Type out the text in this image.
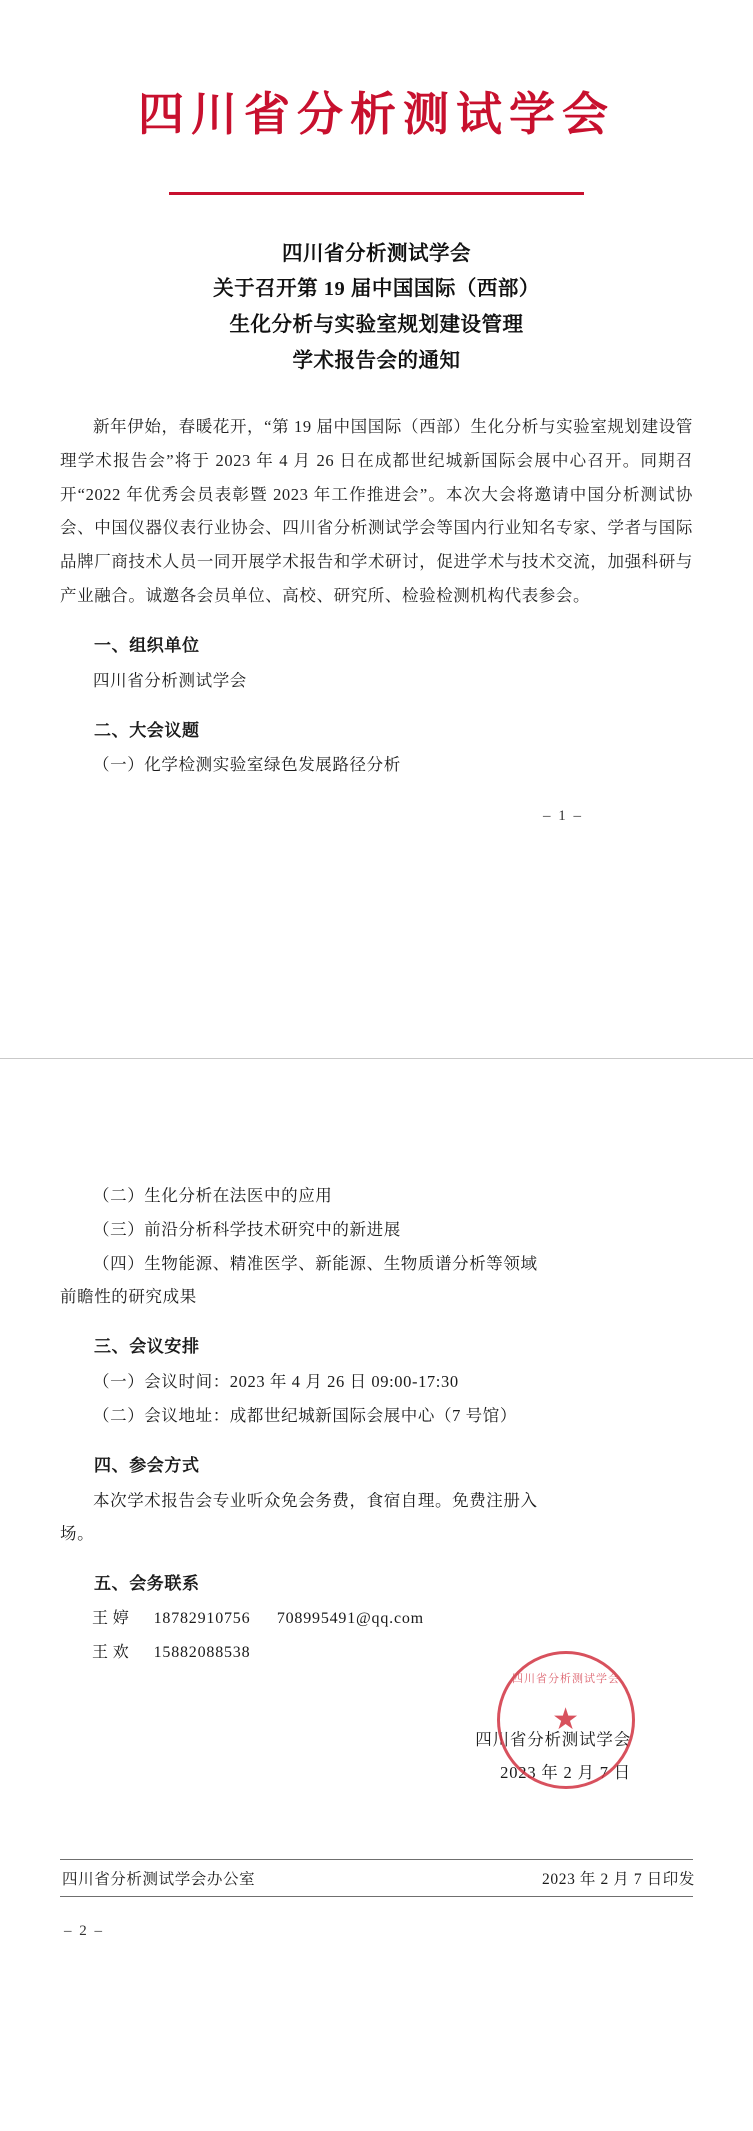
四川省分析测试学会
四川省分析测试学会
关于召开第 19 届中国国际（西部）
生化分析与实验室规划建设管理
学术报告会的通知
新年伊始，春暖花开，“第 19 届中国国际（西部）生化分析与实验室规划建设管理学术报告会”将于 2023 年 4 月 26 日在成都世纪城新国际会展中心召开。同期召开“2022 年优秀会员表彰暨 2023 年工作推进会”。本次大会将邀请中国分析测试协会、中国仪器仪表行业协会、四川省分析测试学会等国内行业知名专家、学者与国际品牌厂商技术人员一同开展学术报告和学术研讨，促进学术与技术交流，加强科研与产业融合。诚邀各会员单位、高校、研究所、检验检测机构代表参会。
一、组织单位
四川省分析测试学会
二、大会议题
（一）化学检测实验室绿色发展路径分析
– 1 –
（二）生化分析在法医中的应用
（三）前沿分析科学技术研究中的新进展
（四）生物能源、精准医学、新能源、生物质谱分析等领域
前瞻性的研究成果
三、会议安排
（一）会议时间：2023 年 4 月 26 日 09:00-17:30
（二）会议地址：成都世纪城新国际会展中心（7 号馆）
四、参会方式
本次学术报告会专业听众免会务费，食宿自理。免费注册入
场。
五、会务联系
王 婷 18782910756 708995491@qq.com
王 欢 15882088538
四川省分析测试学会
★
四川省分析测试学会
2023 年 2 月 7 日
四川省分析测试学会办公室	2023 年 2 月 7 日印发
– 2 –
